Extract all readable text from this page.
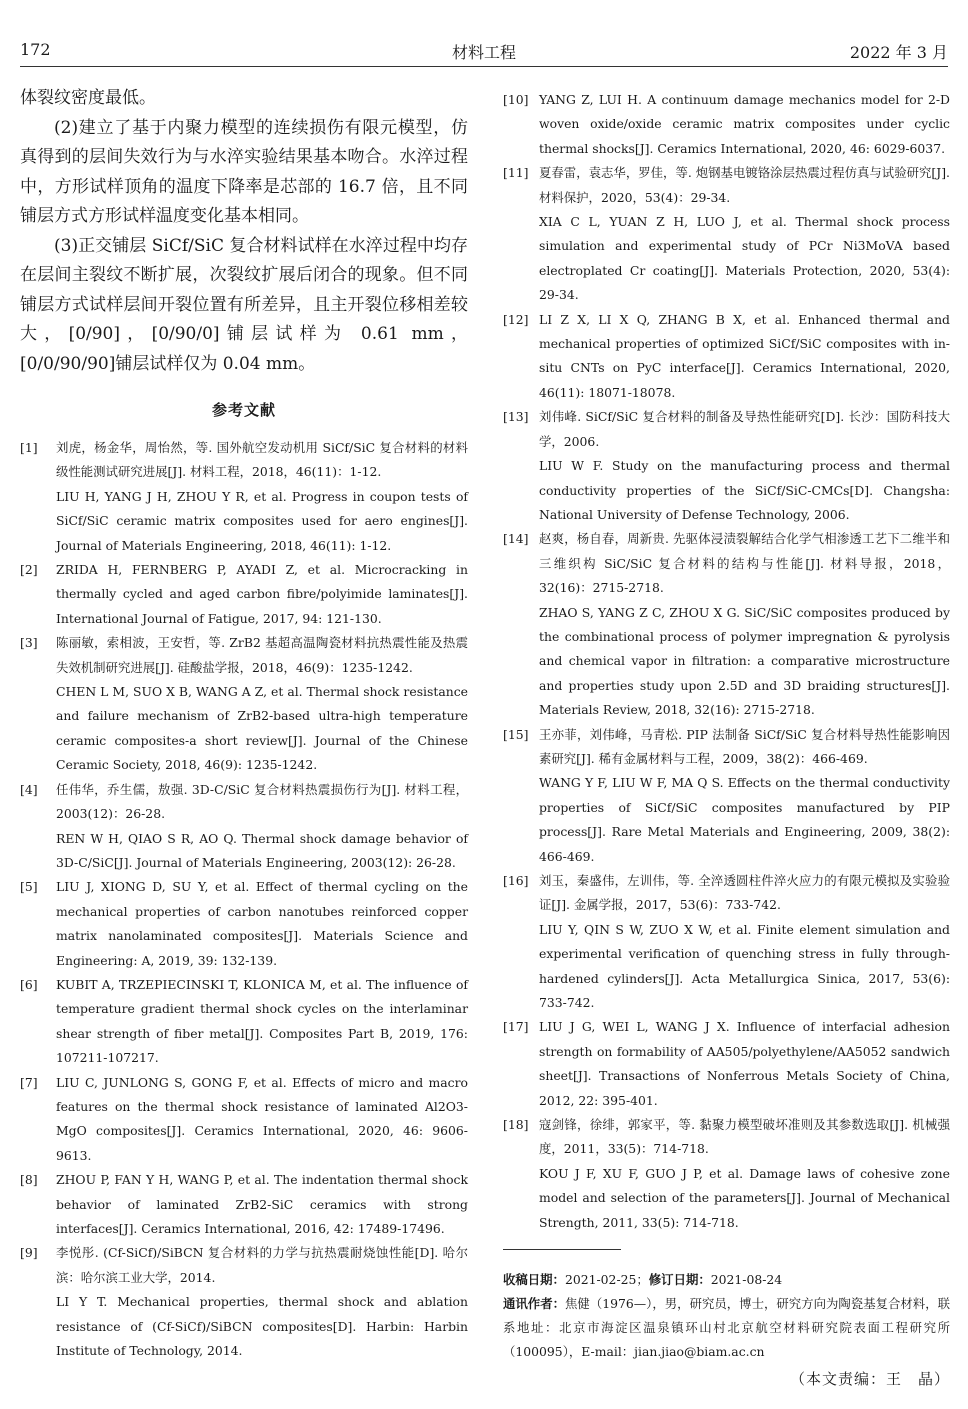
172	材料工程	2022 年 3 月

体裂纹密度最低。

(2)建立了基于内聚力模型的连续损伤有限元模型，仿真得到的层间失效行为与水淬实验结果基本吻合。水淬过程中，方形试样顶角的温度下降率是芯部的 16.7 倍，且不同铺层方式方形试样温度变化基本相同。

(3)正交铺层 SiCf/SiC 复合材料试样在水淬过程中均存在层间主裂纹不断扩展，次裂纹扩展后闭合的现象。但不同铺层方式试样层间开裂位置有所差异，且主开裂位移相差较大，[0/90]，[0/90/0]铺层试样为 0.61 mm，[0/0/90/90]铺层试样仅为 0.04 mm。

参考文献
[1] 刘虎，杨金华，周怡然，等. 国外航空发动机用 SiCf/SiC 复合材料的材料级性能测试研究进展[J]. 材料工程，2018，46(11)：1-12.
LIU H, YANG J H, ZHOU Y R, et al. Progress in coupon tests of SiCf/SiC ceramic matrix composites used for aero engines[J]. Journal of Materials Engineering, 2018, 46(11): 1-12.
[2] ZRIDA H, FERNBERG P, AYADI Z, et al. Microcracking in thermally cycled and aged carbon fibre/polyimide laminates[J]. International Journal of Fatigue, 2017, 94: 121-130.
[3] 陈丽敏，索相波，王安哲，等. ZrB2 基超高温陶瓷材料抗热震性能及热震失效机制研究进展[J]. 硅酸盐学报，2018，46(9)：1235-1242.
CHEN L M, SUO X B, WANG A Z, et al. Thermal shock resistance and failure mechanism of ZrB2-based ultra-high temperature ceramic composites-a short review[J]. Journal of the Chinese Ceramic Society, 2018, 46(9): 1235-1242.
[4] 任伟华，乔生儒，敖强. 3D-C/SiC 复合材料热震损伤行为[J]. 材料工程，2003(12)：26-28.
REN W H, QIAO S R, AO Q. Thermal shock damage behavior of 3D-C/SiC[J]. Journal of Materials Engineering, 2003(12): 26-28.
[5] LIU J, XIONG D, SU Y, et al. Effect of thermal cycling on the mechanical properties of carbon nanotubes reinforced copper matrix nanolaminated composites[J]. Materials Science and Engineering: A, 2019, 39: 132-139.
[6] KUBIT A, TRZEPIECINSKI T, KLONICA M, et al. The influence of temperature gradient thermal shock cycles on the interlaminar shear strength of fiber metal[J]. Composites Part B, 2019, 176: 107211-107217.
[7] LIU C, JUNLONG S, GONG F, et al. Effects of micro and macro features on the thermal shock resistance of laminated Al2O3-MgO composites[J]. Ceramics International, 2020, 46: 9606-9613.
[8] ZHOU P, FAN Y H, WANG P, et al. The indentation thermal shock behavior of laminated ZrB2-SiC ceramics with strong interfaces[J]. Ceramics International, 2016, 42: 17489-17496.
[9] 李悦彤. (Cf-SiCf)/SiBCN 复合材料的力学与抗热震耐烧蚀性能[D]. 哈尔滨：哈尔滨工业大学，2014.
LI Y T. Mechanical properties, thermal shock and ablation resistance of (Cf-SiCf)/SiBCN composites[D]. Harbin: Harbin Institute of Technology, 2014.
[10] YANG Z, LUI H. A continuum damage mechanics model for 2-D woven oxide/oxide ceramic matrix composites under cyclic thermal shocks[J]. Ceramics International, 2020, 46: 6029-6037.
[11] 夏春雷，袁志华，罗佳，等. 炮钢基电镀铬涂层热震过程仿真与试验研究[J]. 材料保护，2020，53(4)：29-34.
XIA C L, YUAN Z H, LUO J, et al. Thermal shock process simulation and experimental study of PCr Ni3MoVA based electroplated Cr coating[J]. Materials Protection, 2020, 53(4): 29-34.
[12] LI Z X, LI X Q, ZHANG B X, et al. Enhanced thermal and mechanical properties of optimized SiCf/SiC composites with in-situ CNTs on PyC interface[J]. Ceramics International, 2020, 46(11): 18071-18078.
[13] 刘伟峰. SiCf/SiC 复合材料的制备及导热性能研究[D]. 长沙：国防科技大学，2006.
LIU W F. Study on the manufacturing process and thermal conductivity properties of the SiCf/SiC-CMCs[D]. Changsha: National University of Defense Technology, 2006.
[14] 赵爽，杨自春，周新贵. 先驱体浸渍裂解结合化学气相渗透工艺下二维半和三维织构 SiC/SiC 复合材料的结构与性能[J]. 材料导报，2018，32(16)：2715-2718.
ZHAO S, YANG Z C, ZHOU X G. SiC/SiC composites produced by the combinational process of polymer impregnation & pyrolysis and chemical vapor in filtration: a comparative microstructure and properties study upon 2.5D and 3D braiding structures[J]. Materials Review, 2018, 32(16): 2715-2718.
[15] 王亦菲，刘伟峰，马青松. PIP 法制备 SiCf/SiC 复合材料导热性能影响因素研究[J]. 稀有金属材料与工程，2009，38(2)：466-469.
WANG Y F, LIU W F, MA Q S. Effects on the thermal conductivity properties of SiCf/SiC composites manufactured by PIP process[J]. Rare Metal Materials and Engineering, 2009, 38(2): 466-469.
[16] 刘玉，秦盛伟，左训伟，等. 全淬透圆柱件淬火应力的有限元模拟及实验验证[J]. 金属学报，2017，53(6)：733-742.
LIU Y, QIN S W, ZUO X W, et al. Finite element simulation and experimental verification of quenching stress in fully through-hardened cylinders[J]. Acta Metallurgica Sinica, 2017, 53(6): 733-742.
[17] LIU J G, WEI L, WANG J X. Influence of interfacial adhesion strength on formability of AA505/polyethylene/AA5052 sandwich sheet[J]. Transactions of Nonferrous Metals Society of China, 2012, 22: 395-401.
[18] 寇剑锋，徐绯，郭家平，等. 黏聚力模型破坏准则及其参数选取[J]. 机械强度，2011，33(5)：714-718.
KOU J F, XU F, GUO J P, et al. Damage laws of cohesive zone model and selection of the parameters[J]. Journal of Mechanical Strength, 2011, 33(5): 714-718.
收稿日期：2021-02-25；修订日期：2021-08-24
通讯作者：焦健（1976—），男，研究员，博士，研究方向为陶瓷基复合材料，联系地址：北京市海淀区温泉镇环山村北京航空材料研究院表面工程研究所（100095），E-mail：jian.jiao@biam.ac.cn
（本文责编：王　晶）
